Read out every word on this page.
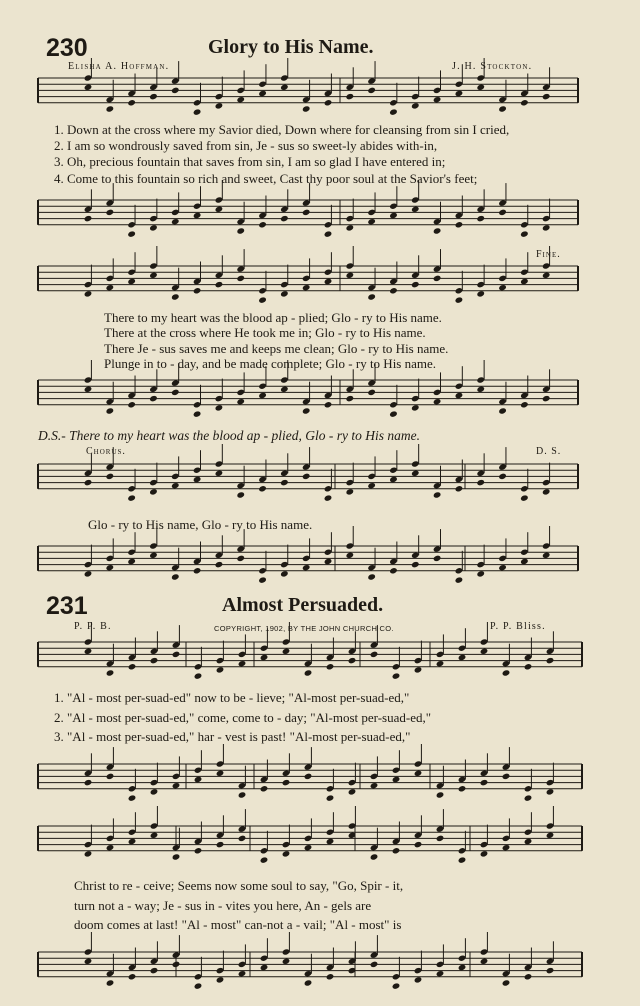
230	Glory to His Name.
Elisha A. Hoffman.	J. H. Stockton.
1. Down at the cross where my Savior died, Down where for cleansing from sin I cried,
2. I am so wondrously saved from sin, Je - sus so sweet-ly abides with-in,
3. Oh, precious fountain that saves from sin, I am so glad I have entered in;
4. Come to this fountain so rich and sweet, Cast thy poor soul at the Savior's feet;
Fine.
There to my heart was the blood ap - plied; Glo - ry to His name.
There at the cross where He took me in; Glo - ry to His name.
There Je - sus saves me and keeps me clean; Glo - ry to His name.
Plunge in to - day, and be made complete; Glo - ry to His name.
D.S.- There to my heart was the blood ap - plied, Glo - ry to His name.
Chorus.	D. S.
Glo - ry to His name, Glo - ry to His name.
231	Almost Persuaded.
P. P. B.	COPYRIGHT, 1902, BY THE JOHN CHURCH CO.	P. P. Bliss.
1. "Al - most per-suad-ed" now to be - lieve; "Al-most per-suad-ed,"
2. "Al - most per-suad-ed," come, come to - day; "Al-most per-suad-ed,"
3. "Al - most per-suad-ed," har - vest is past! "Al-most per-suad-ed,"
Christ to re - ceive; Seems now some soul to say, "Go, Spir - it,
turn not a - way; Je - sus in - vites you here, An - gels are
doom comes at last! "Al - most" can-not a - vail; "Al - most" is
